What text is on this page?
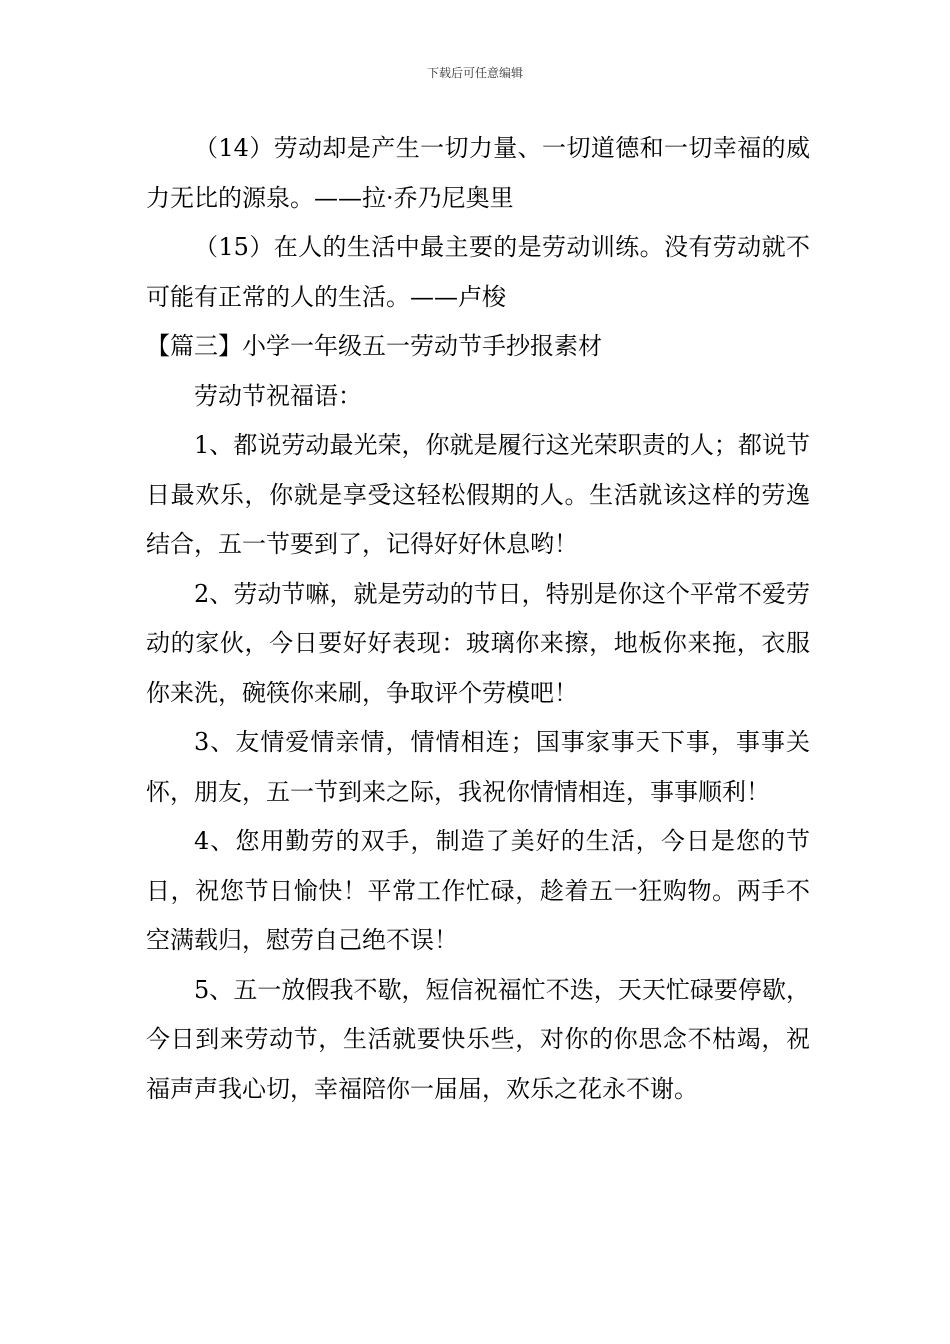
下载后可任意编辑

（14）劳动却是产生一切力量、一切道德和一切幸福的威力无比的源泉。——拉·乔乃尼奥里

（15）在人的生活中最主要的是劳动训练。没有劳动就不可能有正常的人的生活。——卢梭

【篇三】小学一年级五一劳动节手抄报素材

劳动节祝福语：

1、都说劳动最光荣，你就是履行这光荣职责的人；都说节日最欢乐，你就是享受这轻松假期的人。生活就该这样的劳逸结合，五一节要到了，记得好好休息哟！

2、劳动节嘛，就是劳动的节日，特别是你这个平常不爱劳动的家伙，今日要好好表现：玻璃你来擦，地板你来拖，衣服你来洗，碗筷你来刷，争取评个劳模吧！

3、友情爱情亲情，情情相连；国事家事天下事，事事关怀，朋友，五一节到来之际，我祝你情情相连，事事顺利！

4、您用勤劳的双手，制造了美好的生活，今日是您的节日，祝您节日愉快！平常工作忙碌，趁着五一狂购物。两手不空满载归，慰劳自己绝不误！

5、五一放假我不歇，短信祝福忙不迭，天天忙碌要停歇，今日到来劳动节，生活就要快乐些，对你的你思念不枯竭，祝福声声我心切，幸福陪你一届届，欢乐之花永不谢。
